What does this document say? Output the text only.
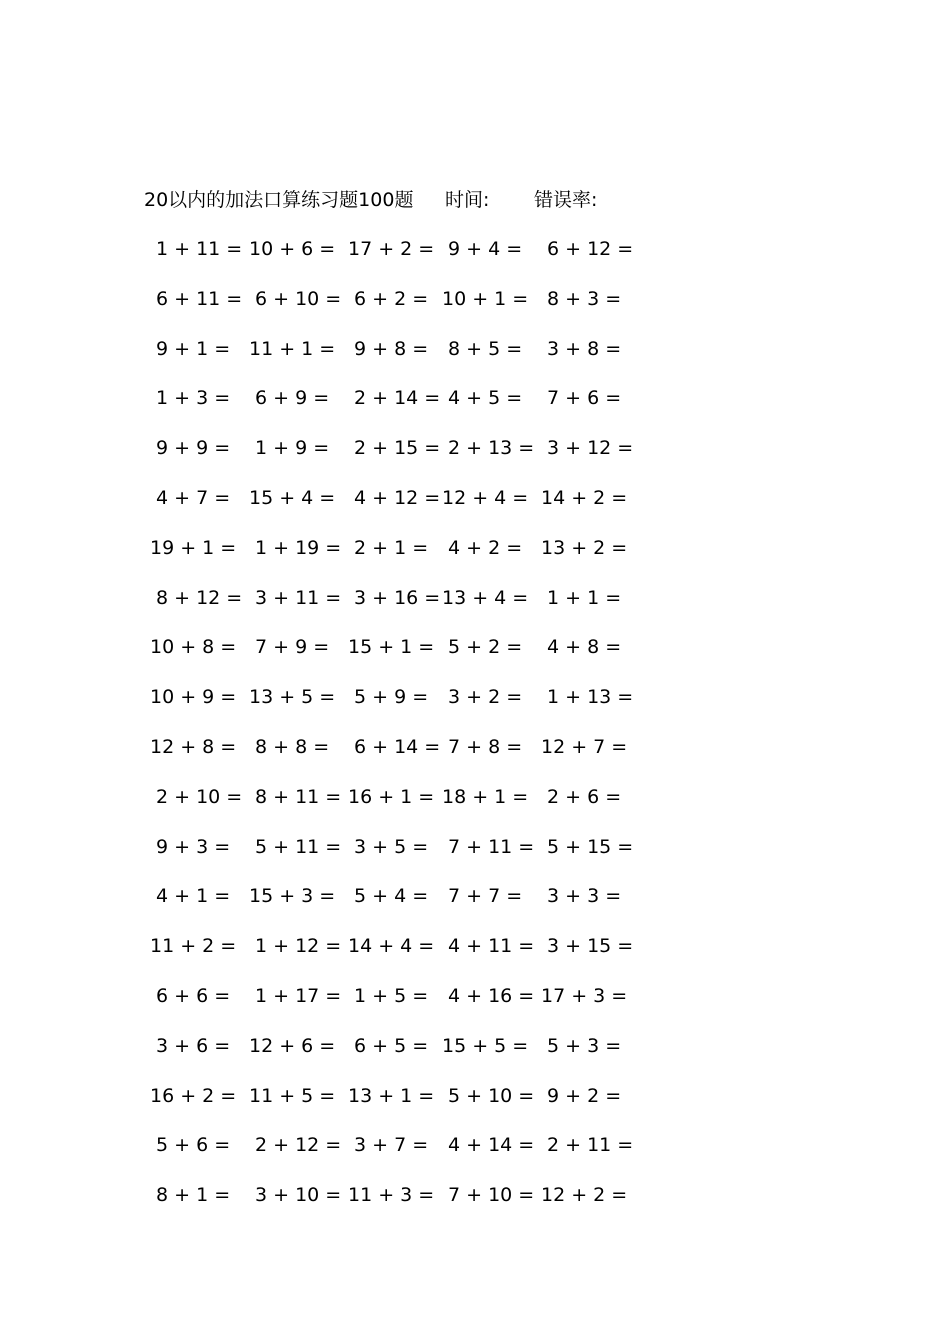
20以内的加法口算练习题100题 时间: 错误率:
1 + 11 = 10 + 6 = 17 + 2 = 9 + 4 = 6 + 12 =
6 + 11 = 6 + 10 = 6 + 2 = 10 + 1 = 8 + 3 =
9 + 1 = 11 + 1 = 9 + 8 = 8 + 5 = 3 + 8 =
1 + 3 = 6 + 9 = 2 + 14 = 4 + 5 = 7 + 6 =
9 + 9 = 1 + 9 = 2 + 15 = 2 + 13 = 3 + 12 =
4 + 7 = 15 + 4 = 4 + 12 = 12 + 4 = 14 + 2 =
19 + 1 = 1 + 19 = 2 + 1 = 4 + 2 = 13 + 2 =
8 + 12 = 3 + 11 = 3 + 16 = 13 + 4 = 1 + 1 =
10 + 8 = 7 + 9 = 15 + 1 = 5 + 2 = 4 + 8 =
10 + 9 = 13 + 5 = 5 + 9 = 3 + 2 = 1 + 13 =
12 + 8 = 8 + 8 = 6 + 14 = 7 + 8 = 12 + 7 =
2 + 10 = 8 + 11 = 16 + 1 = 18 + 1 = 2 + 6 =
9 + 3 = 5 + 11 = 3 + 5 = 7 + 11 = 5 + 15 =
4 + 1 = 15 + 3 = 5 + 4 = 7 + 7 = 3 + 3 =
11 + 2 = 1 + 12 = 14 + 4 = 4 + 11 = 3 + 15 =
6 + 6 = 1 + 17 = 1 + 5 = 4 + 16 = 17 + 3 =
3 + 6 = 12 + 6 = 6 + 5 = 15 + 5 = 5 + 3 =
16 + 2 = 11 + 5 = 13 + 1 = 5 + 10 = 9 + 2 =
5 + 6 = 2 + 12 = 3 + 7 = 4 + 14 = 2 + 11 =
8 + 1 = 3 + 10 = 11 + 3 = 7 + 10 = 12 + 2 =
